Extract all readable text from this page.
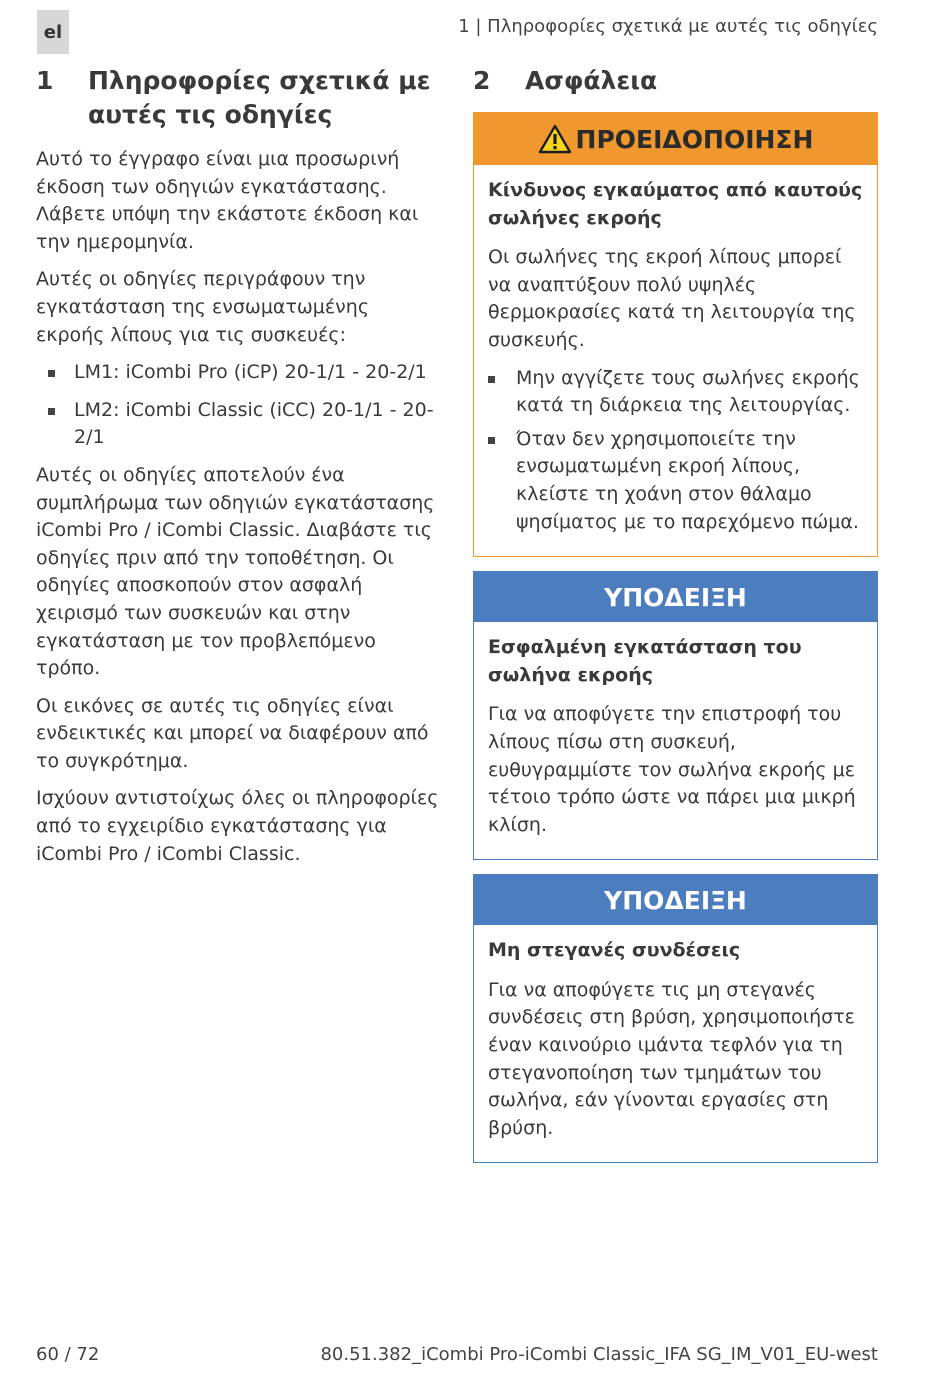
el	1 | Πληροφορίες σχετικά με αυτές τις οδηγίες
1	Πληροφορίες σχετικά με αυτές τις οδηγίες

Αυτό το έγγραφο είναι μια προσωρινή έκδοση των οδηγιών εγκατάστασης. Λάβετε υπόψη την εκάστοτε έκδοση και την ημερομηνία.

Αυτές οι οδηγίες περιγράφουν την εγκατάσταση της ενσωματωμένης εκροής λίπους για τις συσκευές:

LM1: iCombi Pro (iCP) 20-1/1 - 20-2/1
LM2: iCombi Classic (iCC) 20-1/1 - 20-2/1

Αυτές οι οδηγίες αποτελούν ένα συμπλήρωμα των οδηγιών εγκατάστασης iCombi Pro / iCombi Classic. Διαβάστε τις οδηγίες πριν από την τοποθέτηση. Οι οδηγίες αποσκοπούν στον ασφαλή χειρισμό των συσκευών και στην εγκατάσταση με τον προβλεπόμενο τρόπο.

Οι εικόνες σε αυτές τις οδηγίες είναι ενδεικτικές και μπορεί να διαφέρουν από το συγκρότημα.

Ισχύουν αντιστοίχως όλες οι πληροφορίες από το εγχειρίδιο εγκατάστασης για iCombi Pro / iCombi Classic.

2	Ασφάλεια
ΠΡΟΕΙΔΟΠΟΙΗΣΗ
Κίνδυνος εγκαύματος από καυτούς σωλήνες εκροής

Οι σωλήνες της εκροή λίπους μπορεί να αναπτύξουν πολύ υψηλές θερμοκρασίες κατά τη λειτουργία της συσκευής.

Μην αγγίζετε τους σωλήνες εκροής κατά τη διάρκεια της λειτουργίας.
Όταν δεν χρησιμοποιείτε την ενσωματωμένη εκροή λίπους, κλείστε τη χοάνη στον θάλαμο ψησίματος με το παρεχόμενο πώμα.
ΥΠΟΔΕΙΞΗ
Εσφαλμένη εγκατάσταση του σωλήνα εκροής

Για να αποφύγετε την επιστροφή του λίπους πίσω στη συσκευή, ευθυγραμμίστε τον σωλήνα εκροής με τέτοιο τρόπο ώστε να πάρει μια μικρή κλίση.

ΥΠΟΔΕΙΞΗ
Μη στεγανές συνδέσεις

Για να αποφύγετε τις μη στεγανές συνδέσεις στη βρύση, χρησιμοποιήστε έναν καινούριο ιμάντα τεφλόν για τη στεγανοποίηση των τμημάτων του σωλήνα, εάν γίνονται εργασίες στη βρύση.

60 / 72	80.51.382_iCombi Pro-iCombi Classic_IFA SG_IM_V01_EU-west
